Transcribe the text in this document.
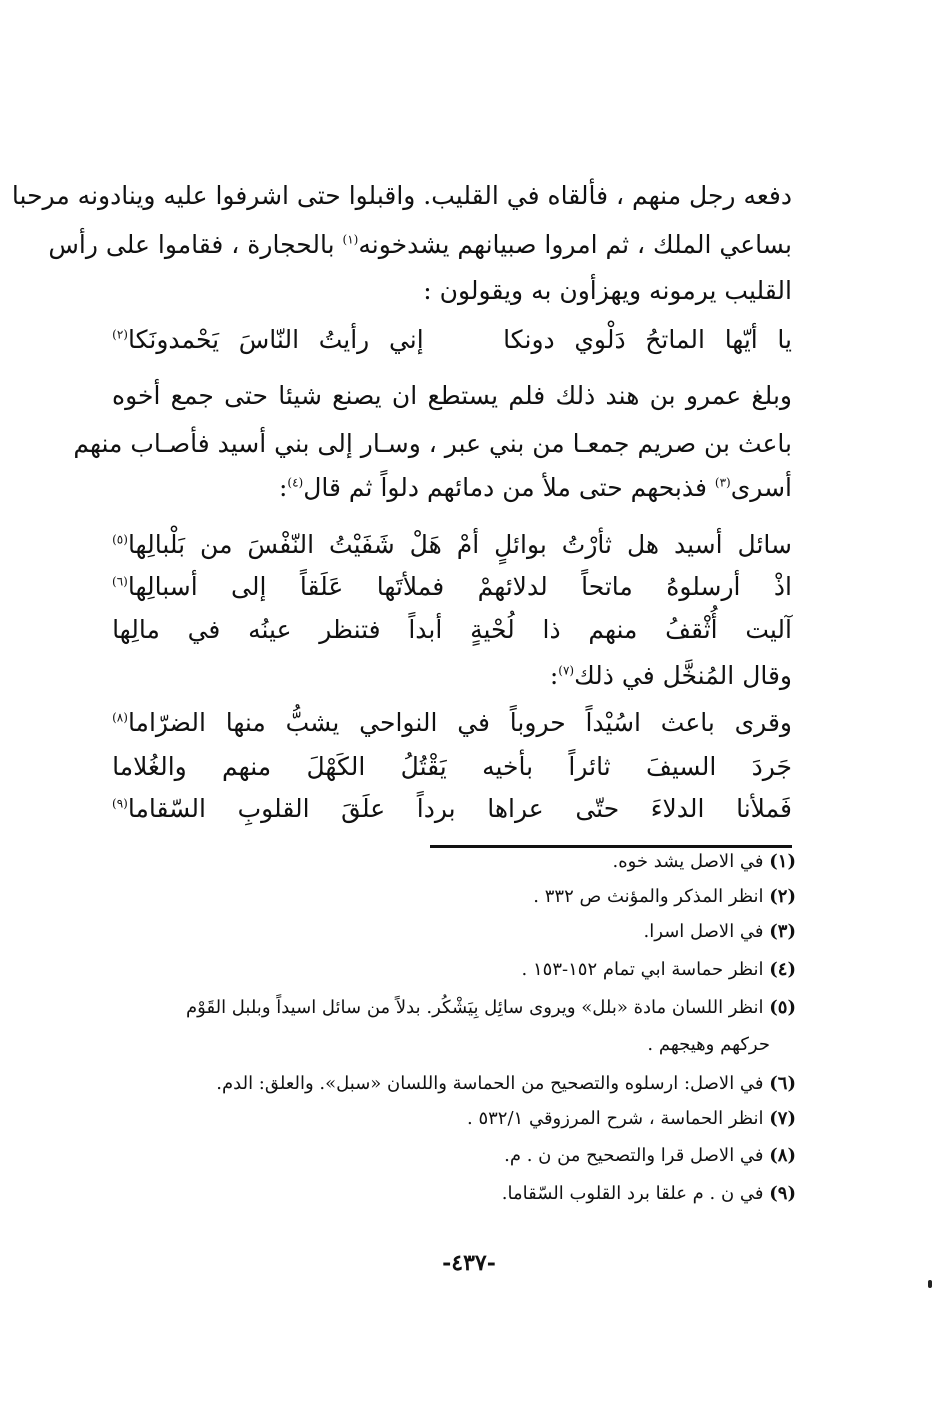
دفعه رجل منهم ، فألقاه في القليب. واقبلوا حتى اشرفوا عليه وينادونه مرحبا
بساعي الملك ، ثم امروا صبيانهم يشدخونه$^{(١)}$ بالحجارة ، فقاموا على رأس
القليب يرمونه ويهزأون به ويقولون :
يا
أيّها
الماتحُ
دَلْوي
دونكا
إني
رأيتُ
النّاسَ
يَحْمدونَكا$^{(٢)}$
وبلغ عمرو بن هند ذلك فلم يستطع ان يصنع شيئا حتى جمع أخوه
باعث بن صريم جمعـا من بني عبر ، وسـار إلى بني أسيد فأصـاب منهم
أسرى$^{(٣)}$ فذبحهم حتى ملأ من دمائهم دلواً ثم قال$^{(٤)}$:
سائل
أسيد
هل
ثأرْتُ
بوائلٍ
أمْ
هَلْ
شَفَيْتُ
النّفْسَ
من
بَلْبالِها$^{(٥)}$
اذْ
أرسلوهُ
ماتحاً
لدلائهمْ
فملأتَها
عَلَقاً
إلى
أسبالِها$^{(٦)}$
آليت
أُثْقفُ
منهم
ذا
لُحْيةٍ
أبداً
فتنظر
عينُه
في
مالِها
وقال المُنخَّل في ذلك$^{(٧)}$:
وقرى
باعث
اسُيْداً
حروباً
في
النواحي
يشبُّ
منها
الضرّاما$^{(٨)}$
جَردَ
السيفَ
ثائراً
بأخيه
يَقْتُلُ
الكَهْلَ
منهم
والغُلاما
فَملأنا
الدلاءَ
حتّى
عراها
برداً
علَقَ
القلوبِ
السّقاما$^{(٩)}$
(١) في الاصل يشد خوه.
(٢) انظر المذكر والمؤنث ص ٣٣٢ .
(٣) في الاصل اسرا.
(٤) انظر حماسة ابي تمام ١٥٢-١٥٣ .
(٥) انظر اللسان مادة «بلل» ويروى سائِل بِيَشْكُر. بدلاً من سائل اسيداً وبلبل القَوْم
حركهم وهيجهم .
(٦) في الاصل: ارسلوه والتصحيح من الحماسة واللسان «سبل». والعلق: الدم.
(٧) انظر الحماسة ، شرح المرزوقي ٥٣٢/١ .
(٨) في الاصل قرا والتصحيح من ن . م.
(٩) في ن . م علقا برد القلوب السّقاما.
-٤٣٧-
